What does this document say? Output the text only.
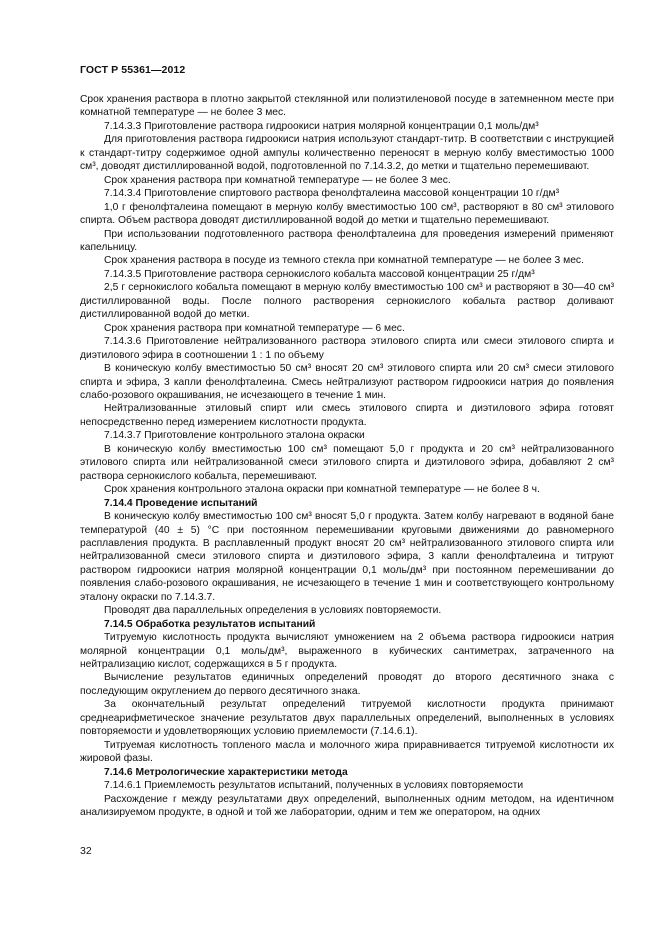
ГОСТ Р 55361—2012

Срок хранения раствора в плотно закрытой стеклянной или полиэтиленовой посуде в затемненном месте при комнатной температуре — не более 3 мес.

7.14.3.3 Приготовление раствора гидроокиси натрия молярной концентрации 0,1 моль/дм³

Для приготовления раствора гидроокиси натрия используют стандарт-титр. В соответствии с инструкцией к стандарт-титру содержимое одной ампулы количественно переносят в мерную колбу вместимостью 1000 см³, доводят дистиллированной водой, подготовленной по 7.14.3.2, до метки и тщательно перемешивают.

Срок хранения раствора при комнатной температуре — не более 3 мес.

7.14.3.4 Приготовление спиртового раствора фенолфталеина массовой концентрации 10 г/дм³

1,0 г фенолфталеина помещают в мерную колбу вместимостью 100 см³, растворяют в 80 см³ этилового спирта. Объем раствора доводят дистиллированной водой до метки и тщательно перемешивают.

При использовании подготовленного раствора фенолфталеина для проведения измерений применяют капельницу.

Срок хранения раствора в посуде из темного стекла при комнатной температуре — не более 3 мес.

7.14.3.5 Приготовление раствора сернокислого кобальта массовой концентрации 25 г/дм³

2,5 г сернокислого кобальта помещают в мерную колбу вместимостью 100 см³ и растворяют в 30—40 см³ дистиллированной воды. После полного растворения сернокислого кобальта раствор доливают дистиллированной водой до метки.

Срок хранения раствора при комнатной температуре — 6 мес.

7.14.3.6 Приготовление нейтрализованного раствора этилового спирта или смеси этилового спирта и диэтилового эфира в соотношении 1 : 1 по объему

В коническую колбу вместимостью 50 см³ вносят 20 см³ этилового спирта или 20 см³ смеси этилового спирта и эфира, 3 капли фенолфталеина. Смесь нейтрализуют раствором гидроокиси натрия до появления слабо-розового окрашивания, не исчезающего в течение 1 мин.

Нейтрализованные этиловый спирт или смесь этилового спирта и диэтилового эфира готовят непосредственно перед измерением кислотности продукта.

7.14.3.7 Приготовление контрольного эталона окраски

В коническую колбу вместимостью 100 см³ помещают 5,0 г продукта и 20 см³ нейтрализованного этилового спирта или нейтрализованной смеси этилового спирта и диэтилового эфира, добавляют 2 см³ раствора сернокислого кобальта, перемешивают.

Срок хранения контрольного эталона окраски при комнатной температуре — не более 8 ч.

7.14.4 Проведение испытаний

В коническую колбу вместимостью 100 см³ вносят 5,0 г продукта. Затем колбу нагревают в водяной бане температурой (40 ± 5) °С при постоянном перемешивании круговыми движениями до равномерного расплавления продукта. В расплавленный продукт вносят 20 см³ нейтрализованного этилового спирта или нейтрализованной смеси этилового спирта и диэтилового эфира, 3 капли фенолфталеина и титруют раствором гидроокиси натрия молярной концентрации 0,1 моль/дм³ при постоянном перемешивании до появления слабо-розового окрашивания, не исчезающего в течение 1 мин и соответствующего контрольному эталону окраски по 7.14.3.7.

Проводят два параллельных определения в условиях повторяемости.

7.14.5 Обработка результатов испытаний

Титруемую кислотность продукта вычисляют умножением на 2 объема раствора гидроокиси натрия молярной концентрации 0,1 моль/дм³, выраженного в кубических сантиметрах, затраченного на нейтрализацию кислот, содержащихся в 5 г продукта.

Вычисление результатов единичных определений проводят до второго десятичного знака с последующим округлением до первого десятичного знака.

За окончательный результат определений титруемой кислотности продукта принимают среднеарифметическое значение результатов двух параллельных определений, выполненных в условиях повторяемости и удовлетворяющих условию приемлемости (7.14.6.1).

Титруемая кислотность топленого масла и молочного жира приравнивается титруемой кислотности их жировой фазы.

7.14.6 Метрологические характеристики метода

7.14.6.1 Приемлемость результатов испытаний, полученных в условиях повторяемости

Расхождение r между результатами двух определений, выполненных одним методом, на идентичном анализируемом продукте, в одной и той же лаборатории, одним и тем же оператором, на одних

32
